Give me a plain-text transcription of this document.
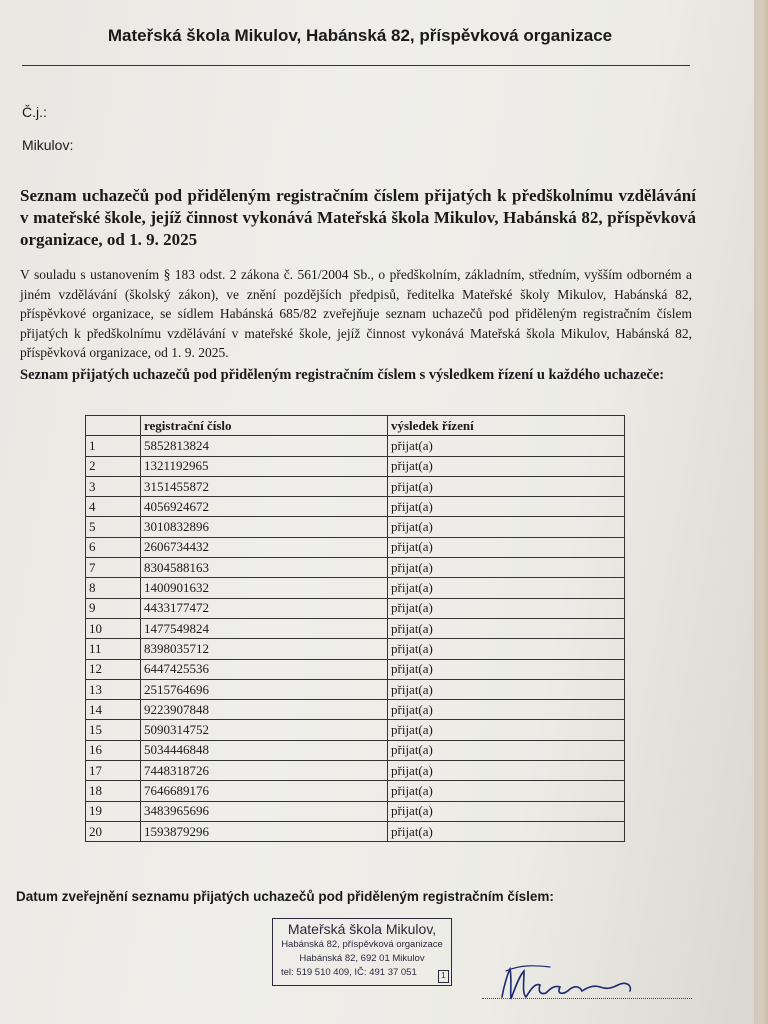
Mateřská škola Mikulov, Habánská 82, příspěvková organizace
Č.j.:
Mikulov:
Seznam uchazečů pod přiděleným registračním číslem přijatých k předškolnímu vzdělávání v mateřské škole, jejíž činnost vykonává Mateřská škola Mikulov, Habánská 82, příspěvková organizace, od 1. 9. 2025
V souladu s ustanovením § 183 odst. 2 zákona č. 561/2004 Sb., o předškolním, základním, středním, vyšším odborném a jiném vzdělávání (školský zákon), ve znění pozdějších předpisů, ředitelka Mateřské školy Mikulov, Habánská 82, příspěvkové organizace, se sídlem Habánská 685/82 zveřejňuje seznam uchazečů pod přiděleným registračním číslem přijatých k předškolnímu vzdělávání v mateřské škole, jejíž činnost vykonává Mateřská škola Mikulov, Habánská 82, příspěvková organizace, od 1. 9. 2025.
Seznam přijatých uchazečů pod přiděleným registračním číslem s výsledkem řízení u každého uchazeče:
	registrační číslo	výsledek řízení
1	5852813824	přijat(a)
2	1321192965	přijat(a)
3	3151455872	přijat(a)
4	4056924672	přijat(a)
5	3010832896	přijat(a)
6	2606734432	přijat(a)
7	8304588163	přijat(a)
8	1400901632	přijat(a)
9	4433177472	přijat(a)
10	1477549824	přijat(a)
11	8398035712	přijat(a)
12	6447425536	přijat(a)
13	2515764696	přijat(a)
14	9223907848	přijat(a)
15	5090314752	přijat(a)
16	5034446848	přijat(a)
17	7448318726	přijat(a)
18	7646689176	přijat(a)
19	3483965696	přijat(a)
20	1593879296	přijat(a)
Datum zveřejnění seznamu přijatých uchazečů pod přiděleným registračním číslem:
Mateřská škola Mikulov,
Habánská 82, příspěvková organizace
Habánská 82, 692 01 Mikulov
tel: 519 510 409, IČ: 491 37 051	1
